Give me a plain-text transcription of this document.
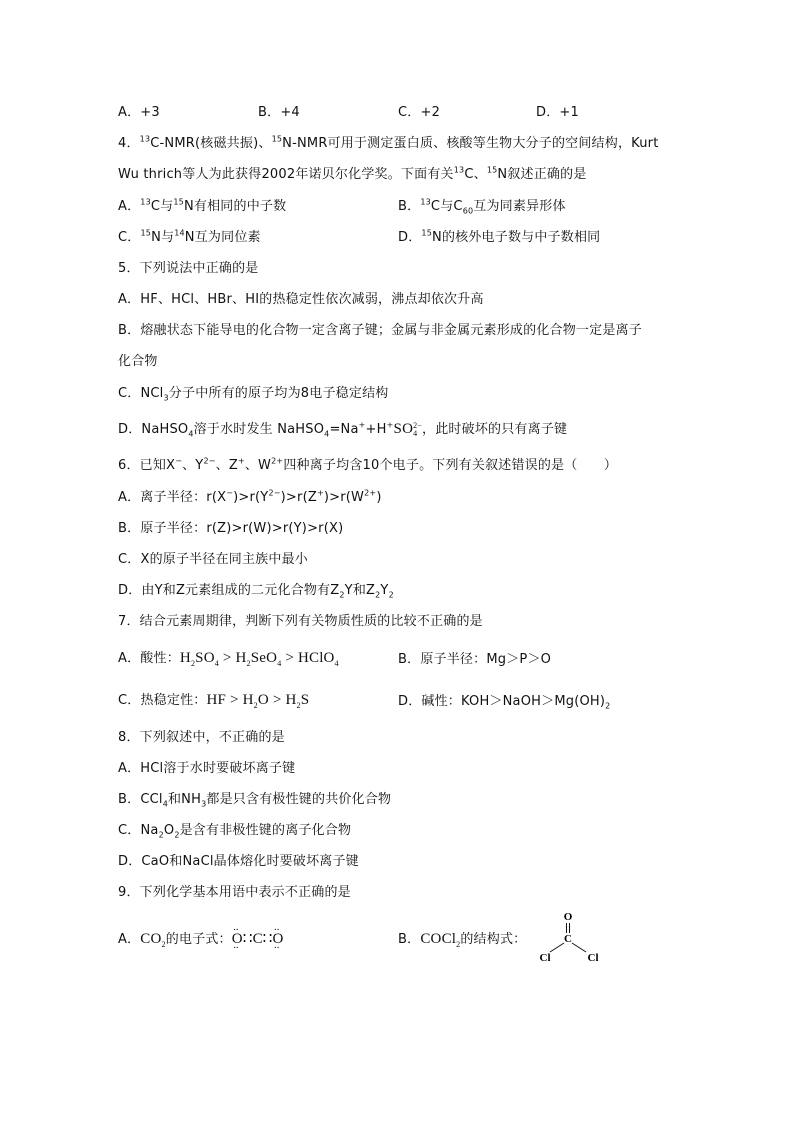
A．+3	B．+4	C．+2	D．+1
4．$^{13}$C-NMR(核磁共振)、$^{15}$N-NMR可用于测定蛋白质、核酸等生物大分子的空间结构，Kurt
Wu thrich等人为此获得2002年诺贝尔化学奖。下面有关$^{13}$C、$^{15}$N叙述正确的是
A．$^{13}$C与$^{15}$N有相同的中子数	B．$^{13}$C与$C_{60}$互为同素异形体
C．$^{15}$N与$^{14}$N互为同位素	D．$^{15}$N的核外电子数与中子数相同
5．下列说法中正确的是
A．HF、HCl、HBr、HI的热稳定性依次减弱，沸点却依次升高
B．熔融状态下能导电的化合物一定含离子键；金属与非金属元素形成的化合物一定是离子
化合物
C．NCl$_3$分子中所有的原子均为8电子稳定结构
D．NaHSO$_4$溶于水时发生 NaHSO$_4$=Na++H+SO 2−
4 ，此时破坏的只有离子键
6．已知X−、$Y^{2-}$、Z+、$W^{2+}$四种离子均含10个电子。下列有关叙述错误的是（　　）
A．离子半径：$r(X^-)>r(Y^{2-})>r(Z^+)>r(W^{2+})$
B．原子半径：r(Z)>r(W)>r(Y)>r(X)
C．X的原子半径在同主族中最小
D．由Y和Z元素组成的二元化合物有$Z_2Y$和$Z_2Y_2$
7．结合元素周期律，判断下列有关物质性质的比较不正确的是
A．酸性：$H_2SO_4 > H_2SeO_4$ > HClO$_4$	B．原子半径：Mg＞P＞O
C．热稳定性：HF > $H_2O > H_2S$	D．碱性：$KOH>NaOH>Mg(OH)_2$
8．下列叙述中，不正确的是
A．HCl溶于水时要破坏离子键
B．CCl$_4$和$NH_3$都是只含有极性键的共价化合物
C．$Na_2O_2$是含有非极性键的离子化合物
D．CaO和NaCl晶体熔化时要破坏离子键
9．下列化学基本用语中表示不正确的是
A．$CO_2$的电子式：·· O ··∷C∷·· O ··	B．COCl$_2$的结构式：
O
C
Cl	Cl
